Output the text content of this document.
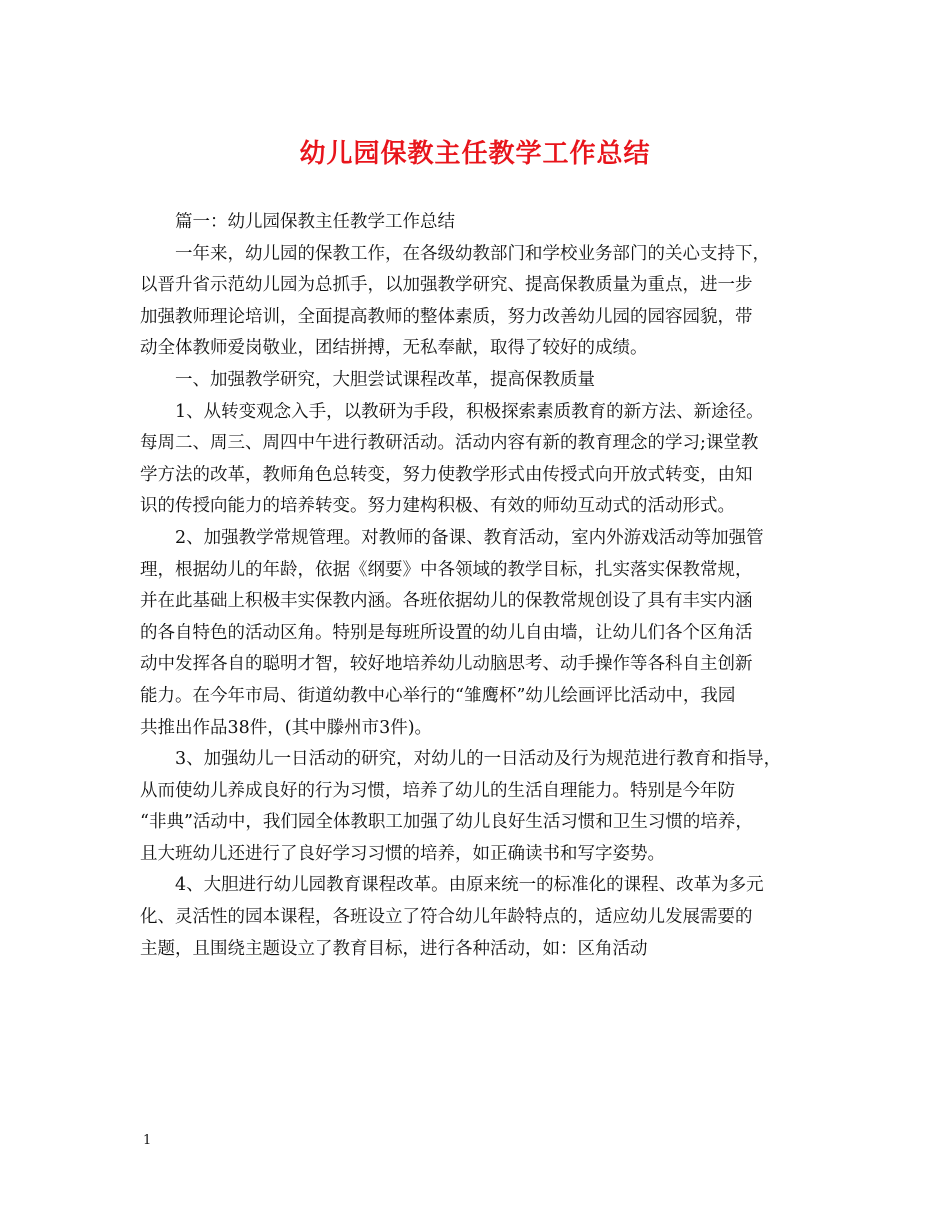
幼儿园保教主任教学工作总结
篇一：幼儿园保教主任教学工作总结
一年来，幼儿园的保教工作，在各级幼教部门和学校业务部门的关心支持下，
以晋升省示范幼儿园为总抓手，以加强教学研究、提高保教质量为重点，进一步
加强教师理论培训，全面提高教师的整体素质，努力改善幼儿园的园容园貌，带
动全体教师爱岗敬业，团结拼搏，无私奉献，取得了较好的成绩。
一、加强教学研究，大胆尝试课程改革，提高保教质量
1、从转变观念入手，以教研为手段，积极探索素质教育的新方法、新途径。
每周二、周三、周四中午进行教研活动。活动内容有新的教育理念的学习;课堂教
学方法的改革，教师角色总转变，努力使教学形式由传授式向开放式转变，由知
识的传授向能力的培养转变。努力建构积极、有效的师幼互动式的活动形式。
2、加强教学常规管理。对教师的备课、教育活动，室内外游戏活动等加强管
理，根据幼儿的年龄，依据《纲要》中各领域的教学目标，扎实落实保教常规，
并在此基础上积极丰实保教内涵。各班依据幼儿的保教常规创设了具有丰实内涵
的各自特色的活动区角。特别是每班所设置的幼儿自由墙，让幼儿们各个区角活
动中发挥各自的聪明才智，较好地培养幼儿动脑思考、动手操作等各科自主创新
能力。在今年市局、街道幼教中心举行的“雏鹰杯”幼儿绘画评比活动中，我园
共推出作品38件，(其中滕州市3件)。
3、加强幼儿一日活动的研究，对幼儿的一日活动及行为规范进行教育和指导，
从而使幼儿养成良好的行为习惯，培养了幼儿的生活自理能力。特别是今年防
“非典”活动中，我们园全体教职工加强了幼儿良好生活习惯和卫生习惯的培养，
且大班幼儿还进行了良好学习习惯的培养，如正确读书和写字姿势。
4、大胆进行幼儿园教育课程改革。由原来统一的标准化的课程、改革为多元
化、灵活性的园本课程，各班设立了符合幼儿年龄特点的，适应幼儿发展需要的
主题，且围绕主题设立了教育目标，进行各种活动，如：区角活动
1
